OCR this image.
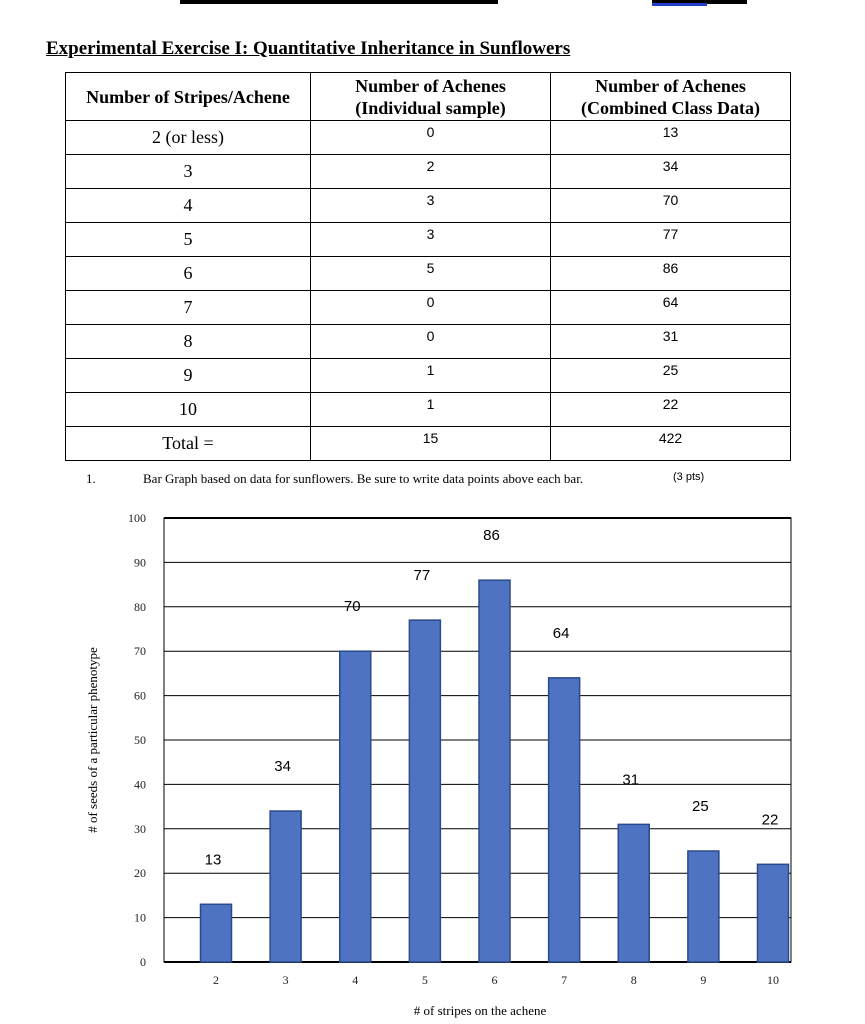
Experimental Exercise I: Quantitative Inheritance in Sunflowers
Number of Stripes/Achene	Number of Achenes (Individual sample)	Number of Achenes (Combined Class Data)
2 (or less)	0	13
3	2	34
4	3	70
5	3	77
6	5	86
7	0	64
8	0	31
9	1	25
10	1	22
Total =	15	422
1.	Bar Graph based on data for sunflowers. Be sure to write data points above each bar.	(3 pts)
0
10
20
30
40
50
60
70
80
90
100
13
2
34
3
70
4
77
5
86
6
64
7
31
8
25
9
22
10
# of stripes on the achene
# of seeds of a particular phenotype
